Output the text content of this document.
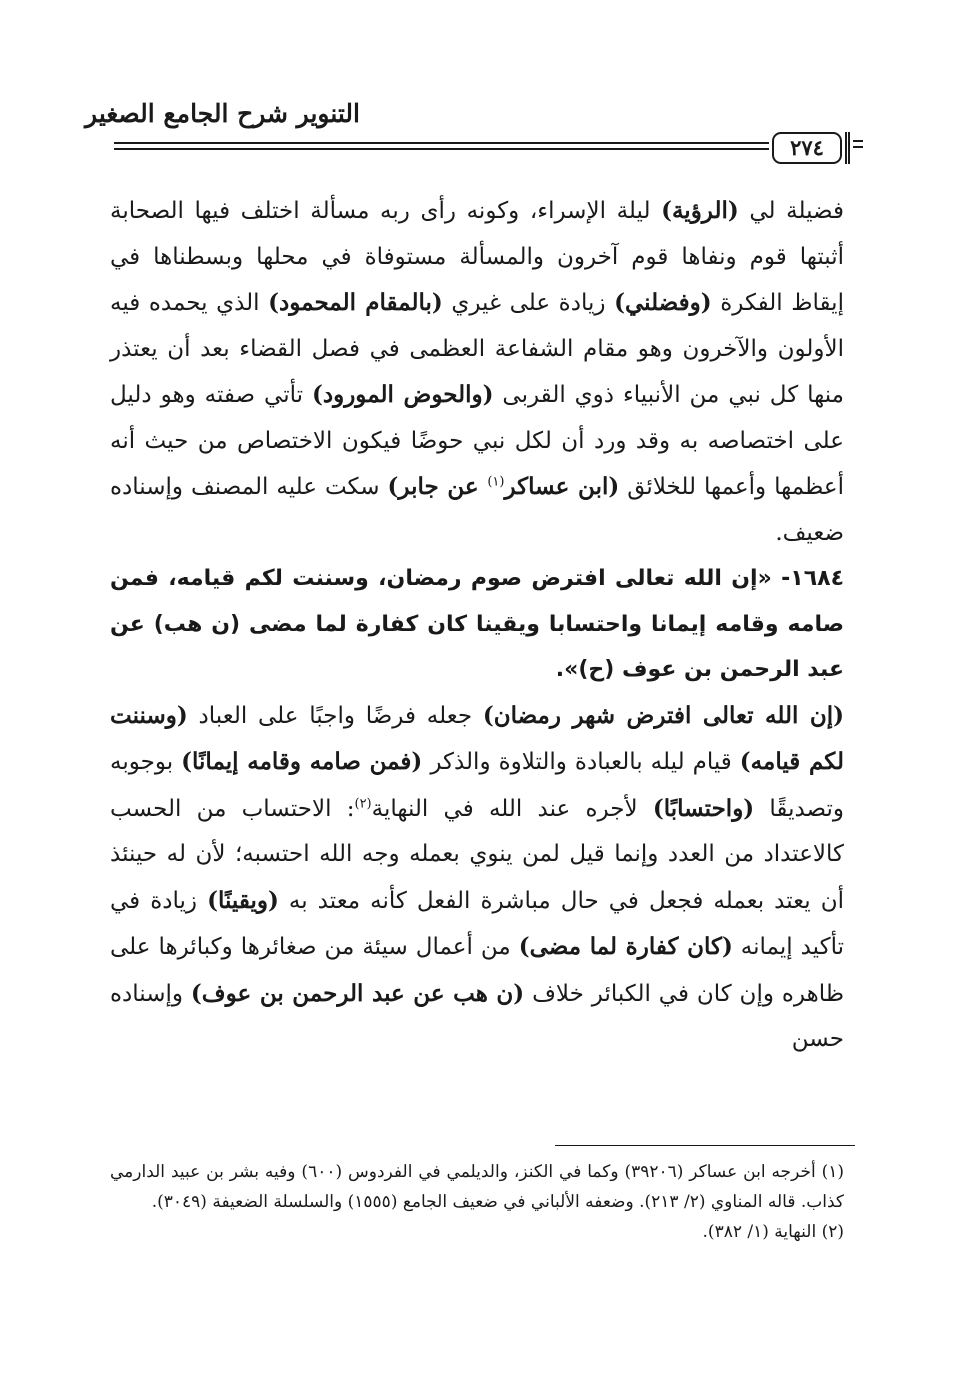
التنوير شرح الجامع الصغير
٢٧٤

فضيلة لي (الرؤية) ليلة الإسراء، وكونه رأى ربه مسألة اختلف فيها الصحابة أثبتها قوم ونفاها قوم آخرون والمسألة مستوفاة في محلها وبسطناها في إيقاظ الفكرة (وفضلني) زيادة على غيري (بالمقام المحمود) الذي يحمده فيه الأولون والآخرون وهو مقام الشفاعة العظمى في فصل القضاء بعد أن يعتذر منها كل نبي من الأنبياء ذوي القربى (والحوض المورود) تأتي صفته وهو دليل على اختصاصه به وقد ورد أن لكل نبي حوضًا فيكون الاختصاص من حيث أنه أعظمها وأعمها للخلائق (ابن عساكر$^{(١)}$ عن جابر) سكت عليه المصنف وإسناده ضعيف.

١٦٨٤- «إن الله تعالى افترض صوم رمضان، وسننت لكم قيامه، فمن صامه وقامه إيمانا واحتسابا ويقينا كان كفارة لما مضى (ن هب) عن عبد الرحمن بن عوف (ح)».

(إن الله تعالى افترض شهر رمضان) جعله فرضًا واجبًا على العباد (وسننت لكم قيامه) قيام ليله بالعبادة والتلاوة والذكر (فمن صامه وقامه إيمانًا) بوجوبه وتصديقًا (واحتسابًا) لأجره عند الله في النهاية$^{(٢)}$: الاحتساب من الحسب كالاعتداد من العدد وإنما قيل لمن ينوي بعمله وجه الله احتسبه؛ لأن له حينئذ أن يعتد بعمله فجعل في حال مباشرة الفعل كأنه معتد به (ويقينًا) زيادة في تأكيد إيمانه (كان كفارة لما مضى) من أعمال سيئة من صغائرها وكبائرها على ظاهره وإن كان في الكبائر خلاف (ن هب عن عبد الرحمن بن عوف) وإسناده حسن

(١) أخرجه ابن عساكر (٣٩٢٠٦) وكما في الكنز، والديلمي في الفردوس (٦٠٠) وفيه بشر بن عبيد الدارمي كذاب. قاله المناوي (٢/ ٢١٣). وضعفه الألباني في ضعيف الجامع (١٥٥٥) والسلسلة الضعيفة (٣٠٤٩).

(٢) النهاية (١/ ٣٨٢).
